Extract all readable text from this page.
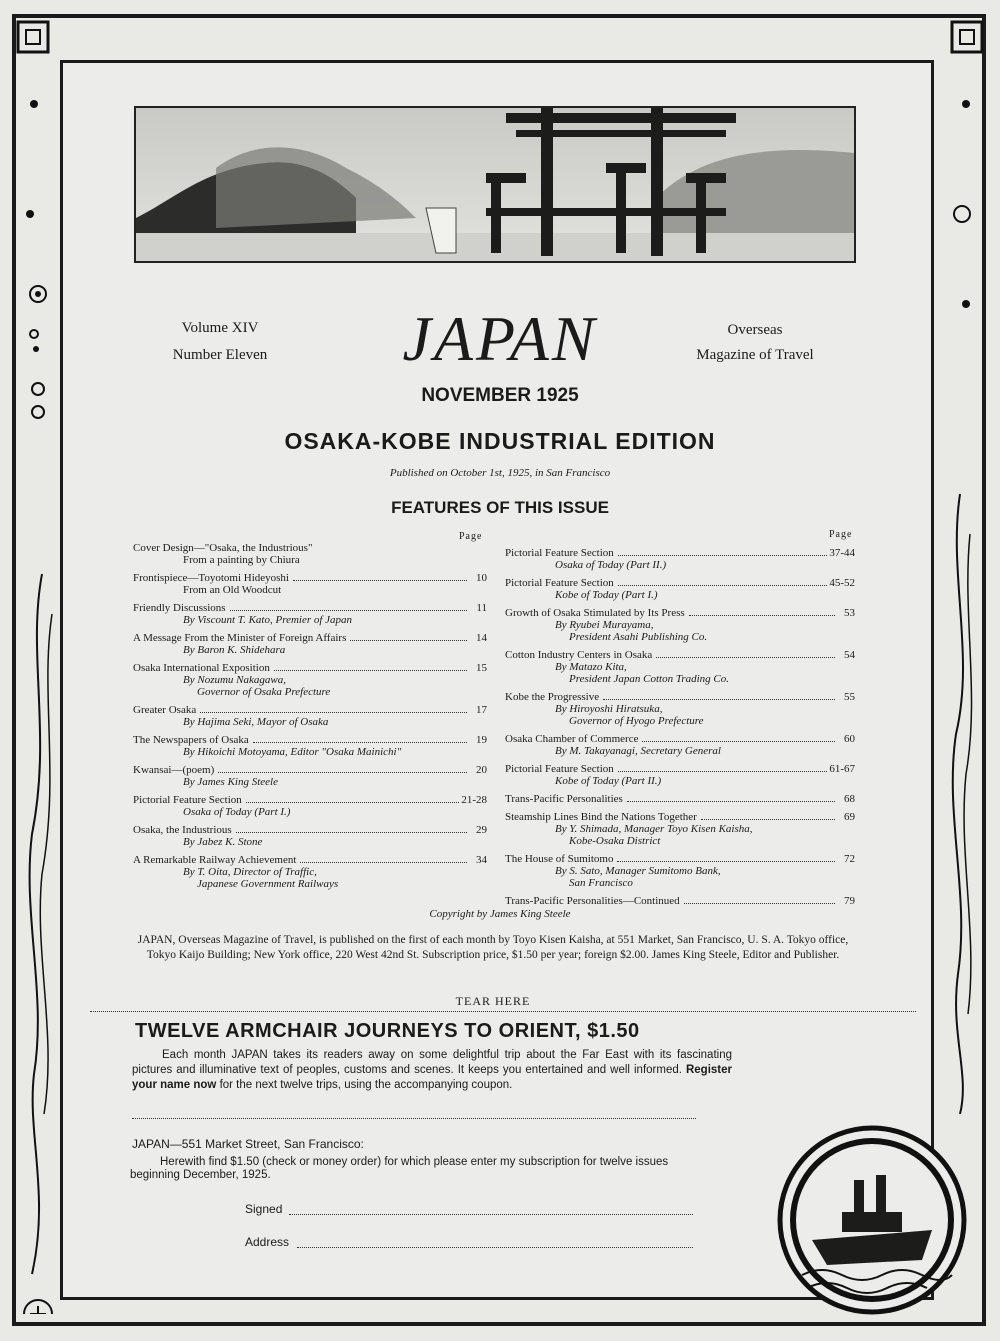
Volume XIV
Number Eleven	JAPAN	Overseas
Magazine of Travel
NOVEMBER 1925
OSAKA-KOBE INDUSTRIAL EDITION
Published on October 1st, 1925, in San Francisco
FEATURES OF THIS ISSUE
Page	Page
Cover Design—"Osaka, the Industrious"
From a painting by Chiura
Frontispiece—Toyotomi Hideyoshi	10
From an Old Woodcut
Friendly Discussions	11
By Viscount T. Kato, Premier of Japan
A Message From the Minister of Foreign Affairs	14
By Baron K. Shidehara
Osaka International Exposition	15
By Nozumu Nakagawa,
Governor of Osaka Prefecture
Greater Osaka	17
By Hajima Seki, Mayor of Osaka
The Newspapers of Osaka	19
By Hikoichi Motoyama, Editor "Osaka Mainichi"
Kwansai—(poem)	20
By James King Steele
Pictorial Feature Section	21-28
Osaka of Today (Part I.)
Osaka, the Industrious	29
By Jabez K. Stone
A Remarkable Railway Achievement	34
By T. Oita, Director of Traffic,
Japanese Government Railways
Pictorial Feature Section	37-44
Osaka of Today (Part II.)
Pictorial Feature Section	45-52
Kobe of Today (Part I.)
Growth of Osaka Stimulated by Its Press	53
By Ryubei Murayama,
President Asahi Publishing Co.
Cotton Industry Centers in Osaka	54
By Matazo Kita,
President Japan Cotton Trading Co.
Kobe the Progressive	55
By Hiroyoshi Hiratsuka,
Governor of Hyogo Prefecture
Osaka Chamber of Commerce	60
By M. Takayanagi, Secretary General
Pictorial Feature Section	61-67
Kobe of Today (Part II.)
Trans-Pacific Personalities	68
Steamship Lines Bind the Nations Together	69
By Y. Shimada, Manager Toyo Kisen Kaisha,
Kobe-Osaka District
The House of Sumitomo	72
By S. Sato, Manager Sumitomo Bank,
San Francisco
Trans-Pacific Personalities—Continued	79
Copyright by James King Steele
JAPAN, Overseas Magazine of Travel, is published on the first of each month by Toyo Kisen Kaisha, at 551 Market, San Francisco, U. S. A. Tokyo office, Tokyo Kaijo Building; New York office, 220 West 42nd St. Subscription price, $1.50 per year; foreign $2.00. James King Steele, Editor and Publisher.
TEAR HERE
TWELVE ARMCHAIR JOURNEYS TO ORIENT, $1.50
Each month JAPAN takes its readers away on some delightful trip about the Far East with its fascinating pictures and illuminative text of peoples, customs and scenes. It keeps you entertained and well informed. Register your name now for the next twelve trips, using the accompanying coupon.
JAPAN—551 Market Street, San Francisco:
Herewith find $1.50 (check or money order) for which please enter my subscription for twelve issues beginning December, 1925.
Signed
Address
